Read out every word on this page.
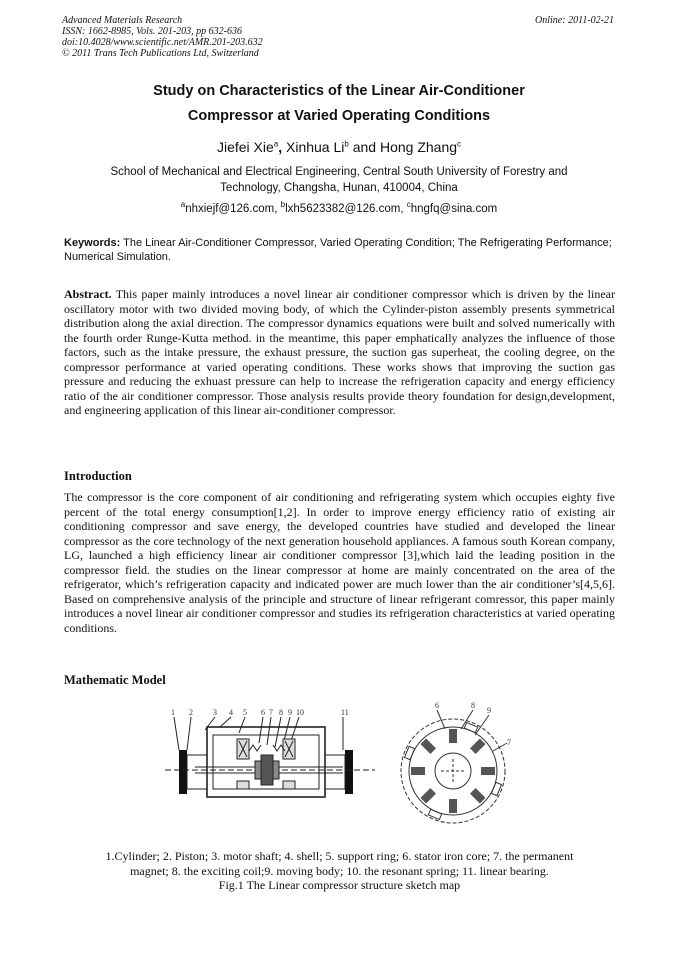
Advanced Materials Research
ISSN: 1662-8985, Vols. 201-203, pp 632-636
doi:10.4028/www.scientific.net/AMR.201-203.632
© 2011 Trans Tech Publications Ltd, Switzerland
Online: 2011-02-21
Study on Characteristics of the Linear Air-Conditioner
Compressor at Varied Operating Conditions
Jiefei Xie$^a$, Xinhua Li$^b$ and Hong Zhang$^c$
School of Mechanical and Electrical Engineering, Central South University of Forestry and
Technology, Changsha, Hunan, 410004, China
$^a$nhxiejf@126.com, $^b$lxh5623382@126.com, $^c$hngfq@sina.com
Keywords: The Linear Air-Conditioner Compressor, Varied Operating Condition; The Refrigerating Performance; Numerical Simulation.
Abstract. This paper mainly introduces a novel linear air conditioner compressor which is driven by the linear oscillatory motor with two divided moving body, of which the Cylinder-piston assembly presents symmetrical distribution along the axial direction. The compressor dynamics equations were built and solved numerically with the fourth order Runge-Kutta method. in the meantime, this paper emphatically analyzes the influence of those factors, such as the intake pressure, the exhaust pressure, the suction gas superheat, the cooling degree, on the compressor performance at varied operating conditions. These works shows that improving the suction gas pressure and reducing the exhuast pressure can help to increase the refrigeration capacity and energy efficiency ratio of the air conditioner compressor. Those analysis results provide theory foundation for design,development, and engineering application of this linear air-conditioner compressor.
Introduction
The compressor is the core component of air conditioning and refrigerating system which occupies eighty five percent of the total energy consumption[1,2]. In order to improve energy efficiency ratio of existing air conditioning compressor and save energy, the developed countries have studied and developed the linear compressor as the core technology of the next generation household appliances. A famous south Korean company, LG, launched a high efficiency linear air conditioner compressor [3],which laid the leading position in the compressor field. the studies on the linear compressor at home are mainly concentrated on the area of the refrigerator, which’s refrigeration capacity and indicated power are much lower than the air conditioner’s[4,5,6]. Based on comprehensive analysis of the principle and structure of linear refrigerant comressor, this paper mainly introduces a novel linear air conditioner compressor and studies its refrigeration characteristics at varied operating conditions.
Mathematic Model
1 2	3 4 5 6 7 8 9 10	11
6	8
9
7
1.Cylinder; 2. Piston; 3. motor shaft; 4. shell; 5. support ring; 6. stator iron core; 7. the permanent
magnet; 8. the exciting coil;9. moving body; 10. the resonant spring; 11. linear bearing.
Fig.1 The Linear compressor structure sketch map
